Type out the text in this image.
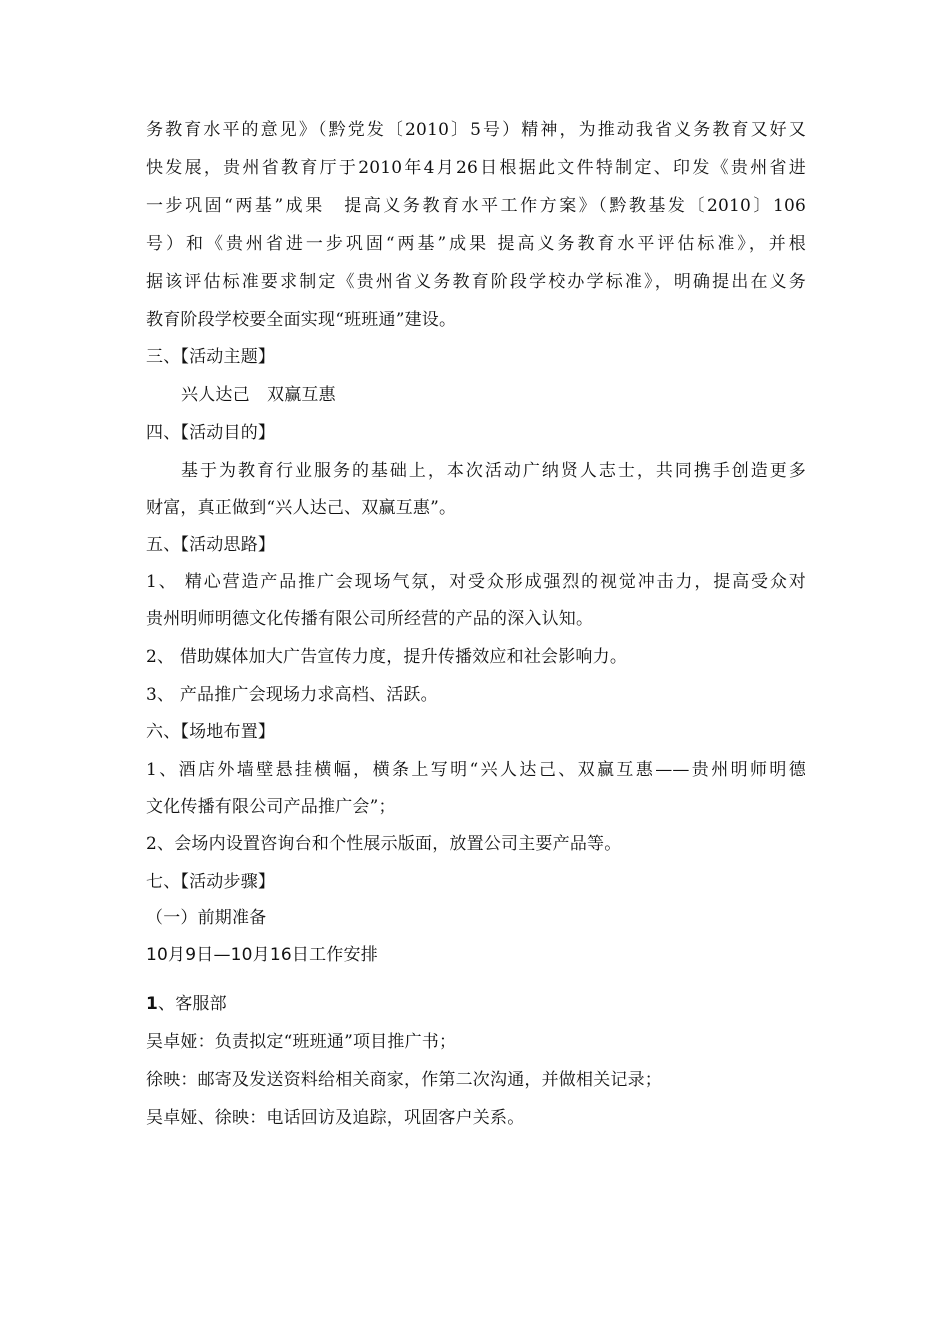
务教育水平的意见》（黔党发〔2010〕5号）精神，为推动我省义务教育又好又
快发展，贵州省教育厅于2010年4月26日根据此文件特制定、印发《贵州省进
一步巩固“两基”成果　提高义务教育水平工作方案》（黔教基发〔2010〕106
号）和《贵州省进一步巩固“两基”成果 提高义务教育水平评估标准》，并根
据该评估标准要求制定《贵州省义务教育阶段学校办学标准》，明确提出在义务
教育阶段学校要全面实现“班班通”建设。
三、【活动主题】
兴人达己　双赢互惠
四、【活动目的】
基于为教育行业服务的基础上，本次活动广纳贤人志士，共同携手创造更多
财富，真正做到“兴人达己、双赢互惠”。
五、【活动思路】
1、 精心营造产品推广会现场气氛，对受众形成强烈的视觉冲击力，提高受众对
贵州明师明德文化传播有限公司所经营的产品的深入认知。
2、 借助媒体加大广告宣传力度，提升传播效应和社会影响力。
3、 产品推广会现场力求高档、活跃。
六、【场地布置】
1、酒店外墙壁悬挂横幅，横条上写明“兴人达己、双赢互惠——贵州明师明德
文化传播有限公司产品推广会”；
2、会场内设置咨询台和个性展示版面，放置公司主要产品等。
七、【活动步骤】
（一）前期准备
10月9日—10月16日工作安排
1、客服部
吴卓娅：负责拟定“班班通”项目推广书；
徐映：邮寄及发送资料给相关商家，作第二次沟通，并做相关记录；
吴卓娅、徐映：电话回访及追踪，巩固客户关系。
